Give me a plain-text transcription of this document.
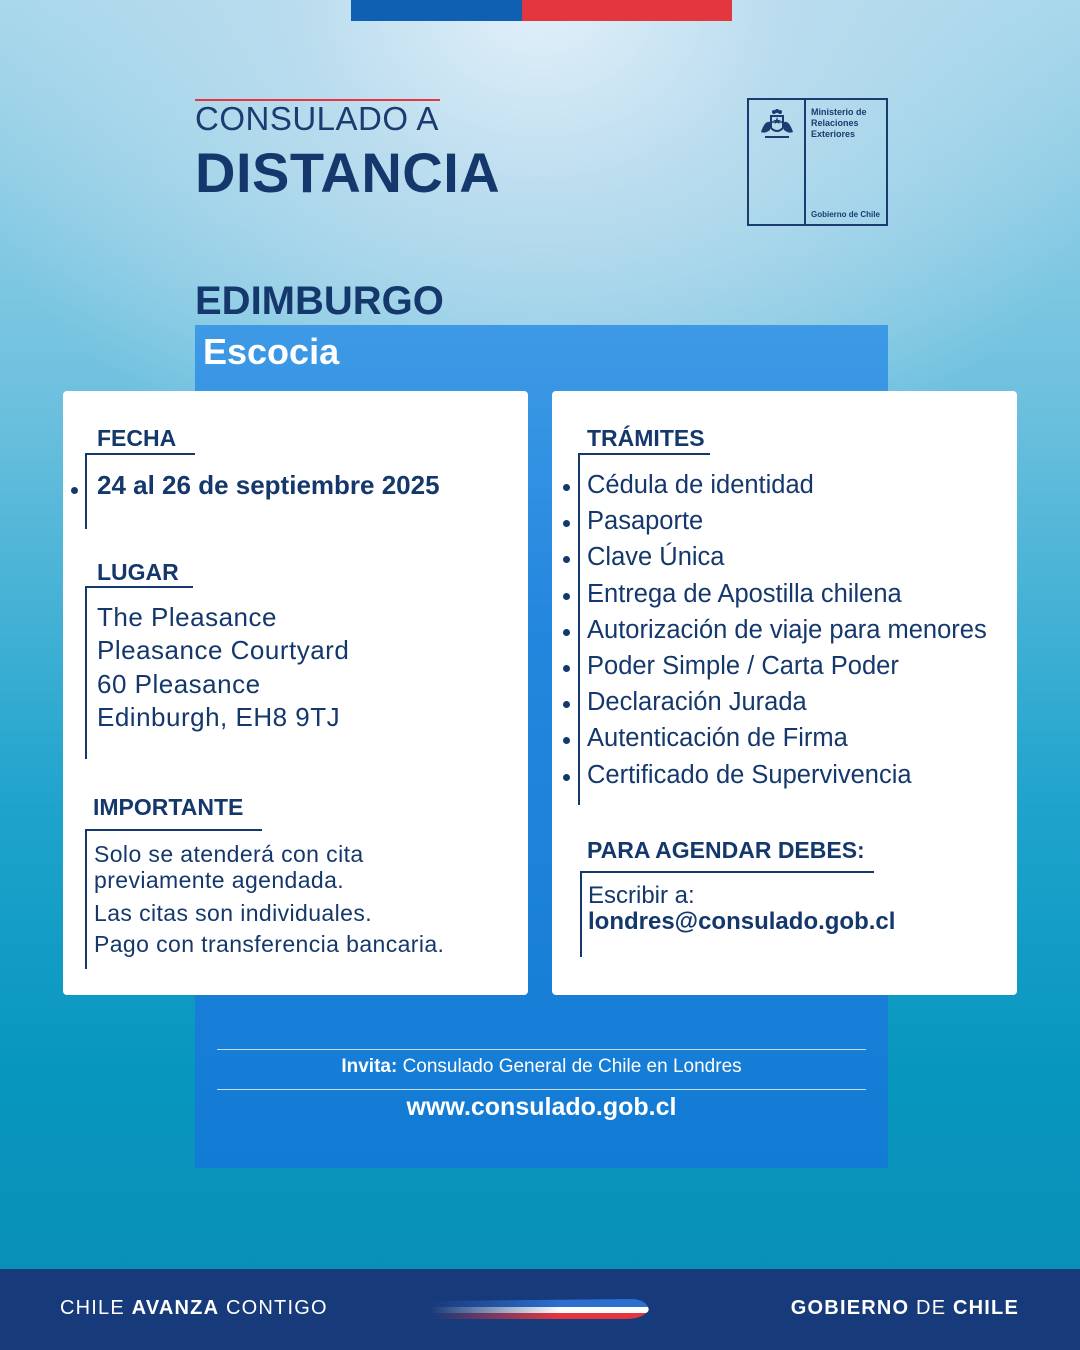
CONSULADO A
DISTANCIA
Ministerio de
Relaciones
Exteriores
Gobierno de Chile
EDIMBURGO
Escocia
FECHA
24 al 26 de septiembre 2025
LUGAR
The Pleasance
Pleasance Courtyard
60 Pleasance
Edinburgh, EH8 9TJ
IMPORTANTE
Solo se atenderá con cita
previamente agendada.
Las citas son individuales.
Pago con transferencia bancaria.
TRÁMITES
Cédula de identidad
Pasaporte
Clave Única
Entrega de Apostilla chilena
Autorización de viaje para menores
Poder Simple / Carta Poder
Declaración Jurada
Autenticación de Firma
Certificado de Supervivencia
PARA AGENDAR DEBES:
Escribir a:
londres@consulado.gob.cl
Invita: Consulado General de Chile en Londres
www.consulado.gob.cl
CHILE AVANZA CONTIGO	GOBIERNO DE CHILE
